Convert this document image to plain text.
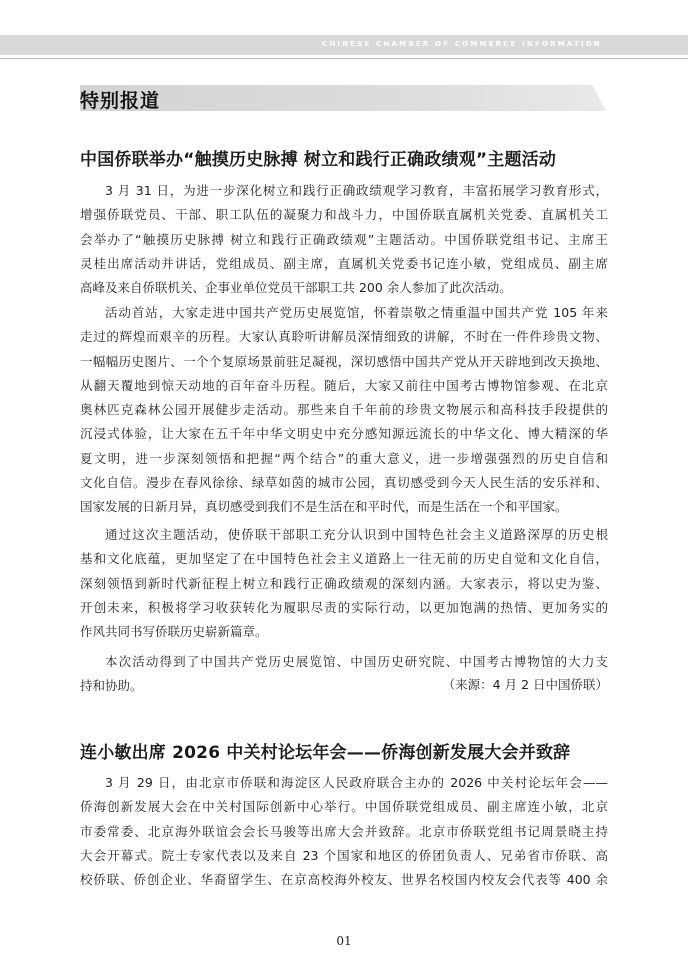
CHINESE CHAMBER OF COMMERCE INFORMATION
特别报道
中国侨联举办“触摸历史脉搏 树立和践行正确政绩观”主题活动
3 月 31 日，为进一步深化树立和践行正确政绩观学习教育，丰富拓展学习教育形式，
增强侨联党员、干部、职工队伍的凝聚力和战斗力，中国侨联直属机关党委、直属机关工
会举办了“触摸历史脉搏 树立和践行正确政绩观”主题活动。中国侨联党组书记、主席王
灵桂出席活动并讲话，党组成员、副主席，直属机关党委书记连小敏，党组成员、副主席
高峰及来自侨联机关、企事业单位党员干部职工共 200 余人参加了此次活动。
活动首站，大家走进中国共产党历史展览馆，怀着崇敬之情重温中国共产党 105 年来
走过的辉煌而艰辛的历程。大家认真聆听讲解员深情细致的讲解，不时在一件件珍贵文物、
一幅幅历史图片、一个个复原场景前驻足凝视，深切感悟中国共产党从开天辟地到改天换地、
从翻天覆地到惊天动地的百年奋斗历程。随后，大家又前往中国考古博物馆参观、在北京
奥林匹克森林公园开展健步走活动。那些来自千年前的珍贵文物展示和高科技手段提供的
沉浸式体验，让大家在五千年中华文明史中充分感知源远流长的中华文化、博大精深的华
夏文明，进一步深刻领悟和把握“两个结合”的重大意义，进一步增强强烈的历史自信和
文化自信。漫步在春风徐徐、绿草如茵的城市公园，真切感受到今天人民生活的安乐祥和、
国家发展的日新月异，真切感受到我们不是生活在和平时代，而是生活在一个和平国家。
通过这次主题活动，使侨联干部职工充分认识到中国特色社会主义道路深厚的历史根
基和文化底蕴，更加坚定了在中国特色社会主义道路上一往无前的历史自觉和文化自信，
深刻领悟到新时代新征程上树立和践行正确政绩观的深刻内涵。大家表示，将以史为鉴、
开创未来，积极将学习收获转化为履职尽责的实际行动，以更加饱满的热情、更加务实的
作风共同书写侨联历史崭新篇章。
本次活动得到了中国共产党历史展览馆、中国历史研究院、中国考古博物馆的大力支
持和协助。	（来源：4 月 2 日中国侨联）
连小敏出席 2026 中关村论坛年会——侨海创新发展大会并致辞
3 月 29 日，由北京市侨联和海淀区人民政府联合主办的 2026 中关村论坛年会——
侨海创新发展大会在中关村国际创新中心举行。中国侨联党组成员、副主席连小敏，北京
市委常委、北京海外联谊会会长马骏等出席大会并致辞。北京市侨联党组书记周景晓主持
大会开幕式。院士专家代表以及来自 23 个国家和地区的侨团负责人、兄弟省市侨联、高
校侨联、侨创企业、华裔留学生、在京高校海外校友、世界名校国内校友会代表等 400 余
01
